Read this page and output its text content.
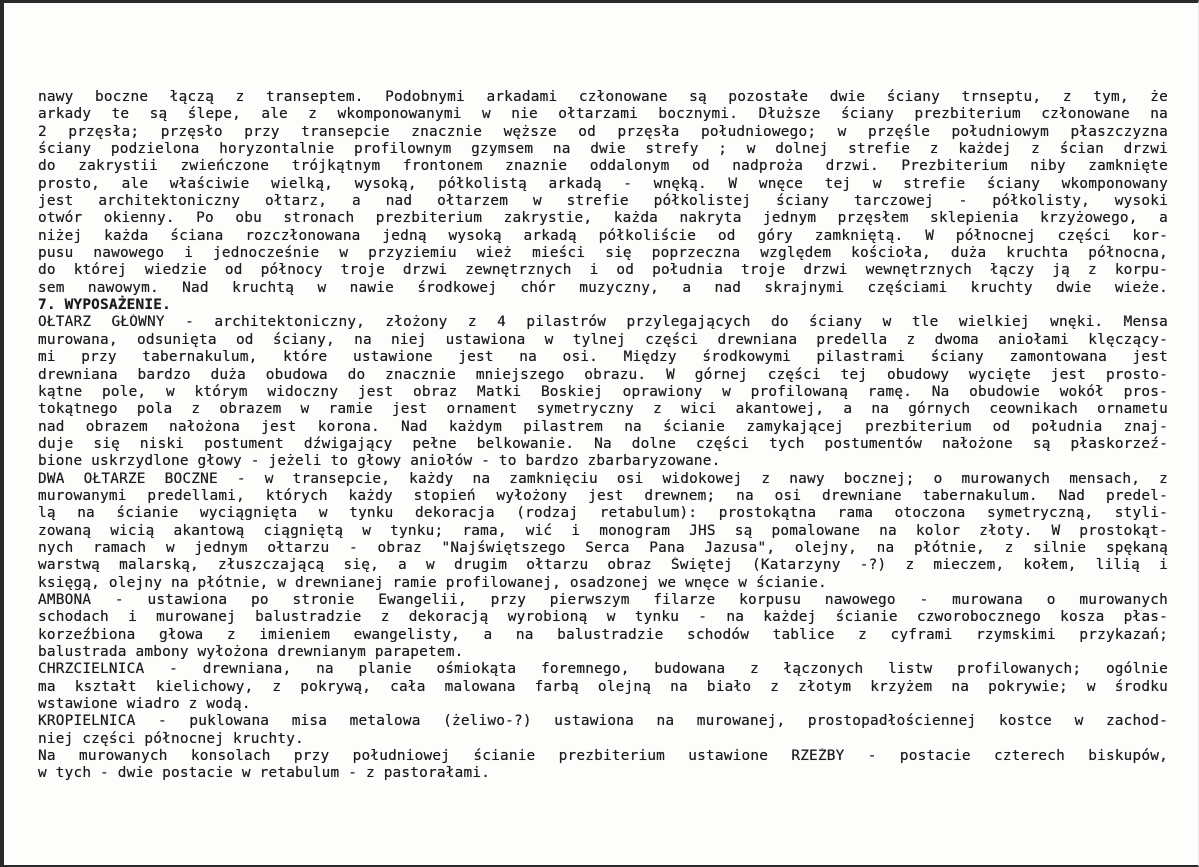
nawy boczne łączą z transeptem. Podobnymi arkadami członowane są pozostałe dwie ściany trnseptu, z tym, że
arkady te są ślepe, ale z wkomponowanymi w nie ołtarzami bocznymi. Dłuższe ściany prezbiterium członowane na
2 przęsła; przęsło przy transepcie znacznie węższe od przęsła południowego; w przęśle południowym płaszczyzna
ściany podzielona horyzontalnie profilownym gzymsem na dwie strefy ; w dolnej strefie z każdej z ścian drzwi
do zakrystii zwieńczone trójkątnym frontonem znaznie oddalonym od nadproża drzwi. Prezbiterium niby zamknięte
prosto, ale właściwie wielką, wysoką, półkolistą arkadą - wnęką. W wnęce tej w strefie ściany wkomponowany
jest architektoniczny ołtarz, a nad ołtarzem w strefie półkolistej ściany tarczowej - półkolisty, wysoki
otwór okienny. Po obu stronach prezbiterium zakrystie, każda nakryta jednym przęsłem sklepienia krzyżowego, a
niżej każda ściana rozczłonowana jedną wysoką arkadą półkoliście od góry zamkniętą. W północnej części kor-
pusu nawowego i jednocześnie w przyziemiu wież mieści się poprzeczna względem kościoła, duża kruchta północna,
do której wiedzie od północy troje drzwi zewnętrznych i od południa troje drzwi wewnętrznych łączy ją z korpu-
sem nawowym. Nad kruchtą w nawie środkowej chór muzyczny, a nad skrajnymi częściami kruchty dwie wieże.
7. WYPOSAŻENIE.
OŁTARZ GŁÓWNY - architektoniczny, złożony z 4 pilastrów przylegających do ściany w tle wielkiej wnęki. Mensa
murowana, odsunięta od ściany, na niej ustawiona w tylnej części drewniana predella z dwoma aniołami klęczący-
mi przy tabernakulum, które ustawione jest na osi. Między środkowymi pilastrami ściany zamontowana jest
drewniana bardzo duża obudowa do znacznie mniejszego obrazu. W górnej części tej obudowy wycięte jest prosto-
kątne pole, w którym widoczny jest obraz Matki Boskiej oprawiony w profilowaną ramę. Na obudowie wokół pros-
tokątnego pola z obrazem w ramie jest ornament symetryczny z wici akantowej, a na górnych ceownikach ornametu
nad obrazem nałożona jest korona. Nad każdym pilastrem na ścianie zamykającej prezbiterium od południa znaj-
duje się niski postument dźwigający pełne belkowanie. Na dolne części tych postumentów nałożone są płaskorzeź-
bione uskrzydlone głowy - jeżeli to głowy aniołów - to bardzo zbarbaryzowane.
DWA OŁTARZE BOCZNE - w transepcie, każdy na zamknięciu osi widokowej z nawy bocznej; o murowanych mensach, z
murowanymi predellami, których każdy stopień wyłożony jest drewnem; na osi drewniane tabernakulum. Nad predel-
lą na ścianie wyciągnięta w tynku dekoracja (rodzaj retabulum): prostokątna rama otoczona symetryczną, styli-
zowaną wicią akantową ciągniętą w tynku; rama, wić i monogram JHS są pomalowane na kolor złoty. W prostokąt-
nych ramach w jednym ołtarzu - obraz "Najświętszego Serca Pana Jazusa", olejny, na płótnie, z silnie spękaną
warstwą malarską, złuszczającą się, a w drugim ołtarzu obraz Świętej (Katarzyny -?) z mieczem, kołem, lilią i
księgą, olejny na płótnie, w drewnianej ramie profilowanej, osadzonej we wnęce w ścianie.
AMBONA - ustawiona po stronie Ewangelii, przy pierwszym filarze korpusu nawowego - murowana o murowanych
schodach i murowanej balustradzie z dekoracją wyrobioną w tynku - na każdej ścianie czworobocznego kosza płas-
korzeźbiona głowa z imieniem ewangelisty, a na balustradzie schodów tablice z cyframi rzymskimi przykazań;
balustrada ambony wyłożona drewnianym parapetem.
CHRZCIELNICA - drewniana, na planie ośmiokąta foremnego, budowana z łączonych listw profilowanych; ogólnie
ma kształt kielichowy, z pokrywą, cała malowana farbą olejną na biało z złotym krzyżem na pokrywie; w środku
wstawione wiadro z wodą.
KROPIELNICA - puklowana misa metalowa (żeliwo-?) ustawiona na murowanej, prostopadłościennej kostce w zachod-
niej części północnej kruchty.
Na murowanych konsolach przy południowej ścianie prezbiterium ustawione RZEŹBY - postacie czterech biskupów,
w tych - dwie postacie w retabulum - z pastorałami.
